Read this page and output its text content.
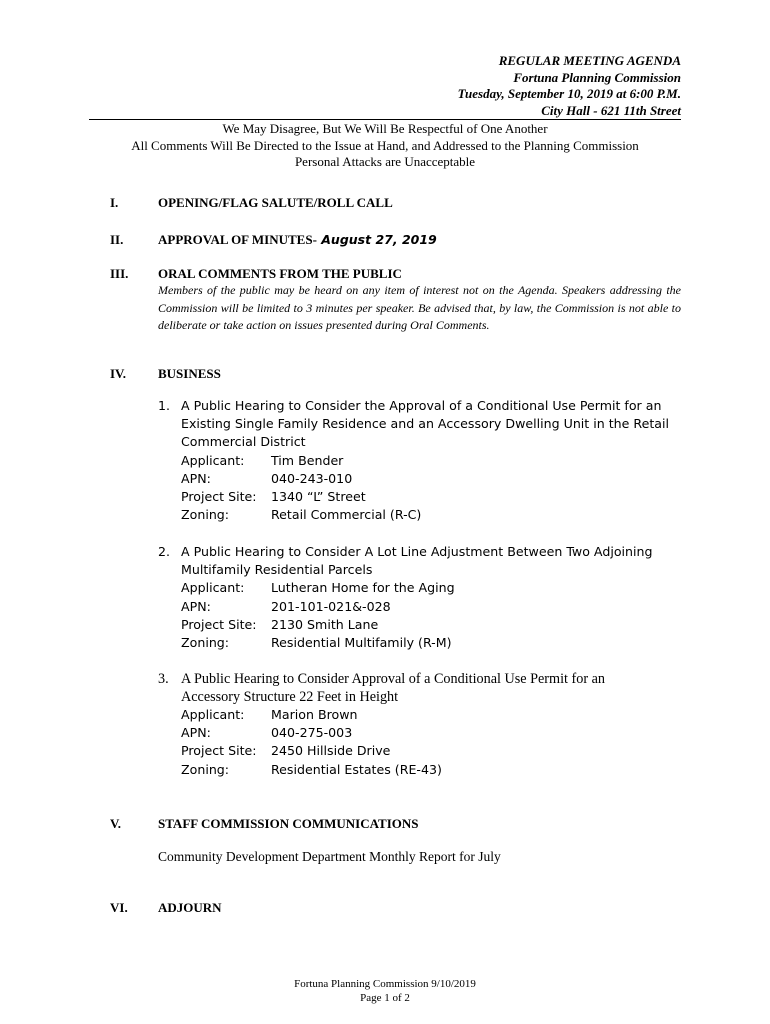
REGULAR MEETING AGENDA
Fortuna Planning Commission
Tuesday, September 10, 2019 at 6:00 P.M.
City Hall - 621 11th Street
We May Disagree, But We Will Be Respectful of One Another
All Comments Will Be Directed to the Issue at Hand, and Addressed to the Planning Commission
Personal Attacks are Unacceptable
I.	OPENING/FLAG SALUTE/ROLL CALL
II.	APPROVAL OF MINUTES- August 27, 2019
III. ORAL COMMENTS FROM THE PUBLIC
Members of the public may be heard on any item of interest not on the Agenda. Speakers addressing the Commission will be limited to 3 minutes per speaker. Be advised that, by law, the Commission is not able to deliberate or take action on issues presented during Oral Comments.
IV. BUSINESS
1. A Public Hearing to Consider the Approval of a Conditional Use Permit for an
Existing Single Family Residence and an Accessory Dwelling Unit in the Retail
Commercial District
Applicant:	Tim Bender
APN:	040-243-010
Project Site:	1340 “L” Street
Zoning:	Retail Commercial (R-C)
2. A Public Hearing to Consider A Lot Line Adjustment Between Two Adjoining
Multifamily Residential Parcels
Applicant:	Lutheran Home for the Aging
APN:	201-101-021&-028
Project Site:	2130 Smith Lane
Zoning:	Residential Multifamily (R-M)
3. A Public Hearing to Consider Approval of a Conditional Use Permit for an
Accessory Structure 22 Feet in Height
Applicant:	Marion Brown
APN:	040-275-003
Project Site:	2450 Hillside Drive
Zoning:	Residential Estates (RE-43)
V.	STAFF COMMISSION COMMUNICATIONS
Community Development Department Monthly Report for July
VI. ADJOURN
Fortuna Planning Commission 9/10/2019
Page 1 of 2
